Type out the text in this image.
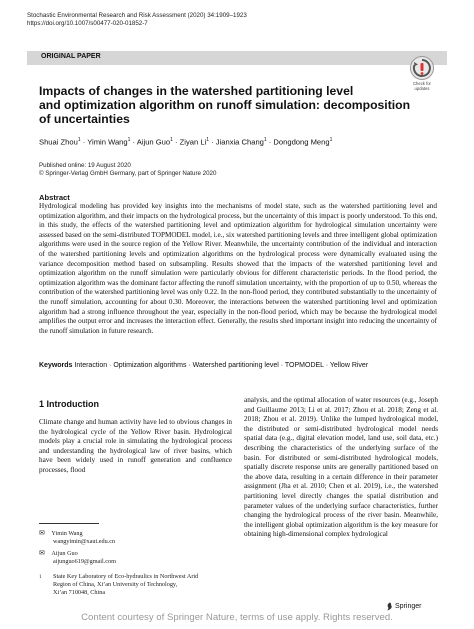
Stochastic Environmental Research and Risk Assessment (2020) 34:1909–1923
https://doi.org/10.1007/s00477-020-01852-7
ORIGINAL PAPER
Check for
updates
Impacts of changes in the watershed partitioning level
and optimization algorithm on runoff simulation: decomposition
of uncertainties
Shuai Zhou$^1$ · Yimin Wang$^1$ · Aijun Guo$^1$ · Ziyan $Li^1$ · Jianxia Chang$^1$ · Dongdong Meng$^1$
Published online: 19 August 2020
© Springer-Verlag GmbH Germany, part of Springer Nature 2020
Abstract
Hydrological modeling has provided key insights into the mechanisms of model state, such as the watershed partitioning level and optimization algorithm, and their impacts on the hydrological process, but the uncertainty of this impact is poorly understood. To this end, in this study, the effects of the watershed partitioning level and optimization algorithm for hydrological simulation uncertainty were assessed based on the semi-distributed TOPMODEL model, i.e., six watershed partitioning levels and three intelligent global optimization algorithms were used in the source region of the Yellow River. Meanwhile, the uncertainty contribution of the individual and interaction of the watershed partitioning levels and optimization algorithms on the hydrological process were dynamically evaluated using the variance decomposition method based on subsampling. Results showed that the impacts of the watershed partitioning level and optimization algorithm on the runoff simulation were particularly obvious for different characteristic periods. In the flood period, the optimization algorithm was the dominant factor affecting the runoff simulation uncertainty, with the proportion of up to 0.50, whereas the contribution of the watershed partitioning level was only 0.22. In the non-flood period, they contributed substantially to the uncertainty of the runoff simulation, accounting for about 0.30. Moreover, the interactions between the watershed partitioning level and optimization algorithm had a strong influence throughout the year, especially in the non-flood period, which may be because the hydrological model amplifies the output error and increases the interaction effect. Generally, the results shed important insight into reducing the uncertainty of the runoff simulation in future research.
Keywords Interaction · Optimization algorithms · Watershed partitioning level · TOPMODEL · Yellow River
1 Introduction
Climate change and human activity have led to obvious changes in the hydrological cycle of the Yellow River basin. Hydrological models play a crucial role in simulating the hydrological process and understanding the hydrological law of river basins, which have been widely used in runoff generation and confluence processes, flood
analysis, and the optimal allocation of water resources (e.g., Joseph and Guillaume 2013; Li et al. 2017; Zhou et al. 2018; Zeng et al. 2018; Zhou et al. 2019). Unlike the lumped hydrological model, the distributed or semi-distributed hydrological model needs spatial data (e.g., digital elevation model, land use, soil data, etc.) describing the characteristics of the underlying surface of the basin. For distributed or semi-distributed hydrological models, spatially discrete response units are generally partitioned based on the above data, resulting in a certain difference in their parameter assignment (Jha et al. 2010; Chen et al. 2019), i.e., the watershed partitioning level directly changes the spatial distribution and parameter values of the underlying surface characteristics, further changing the hydrological process of the river basin. Meanwhile, the intelligent global optimization algorithm is the key measure for obtaining high-dimensional complex hydrological
✉ Yimin Wang
wangyimin@xaut.edu.cn
✉ Aijun Guo
aijunguo619@gmail.com
$^1$ State Key Laboratory of Eco-hydraulics in Northwest Arid
Region of China, Xi’an University of Technology,
Xi’an 710048, China
Springer
Content courtesy of Springer Nature, terms of use apply. Rights reserved.
